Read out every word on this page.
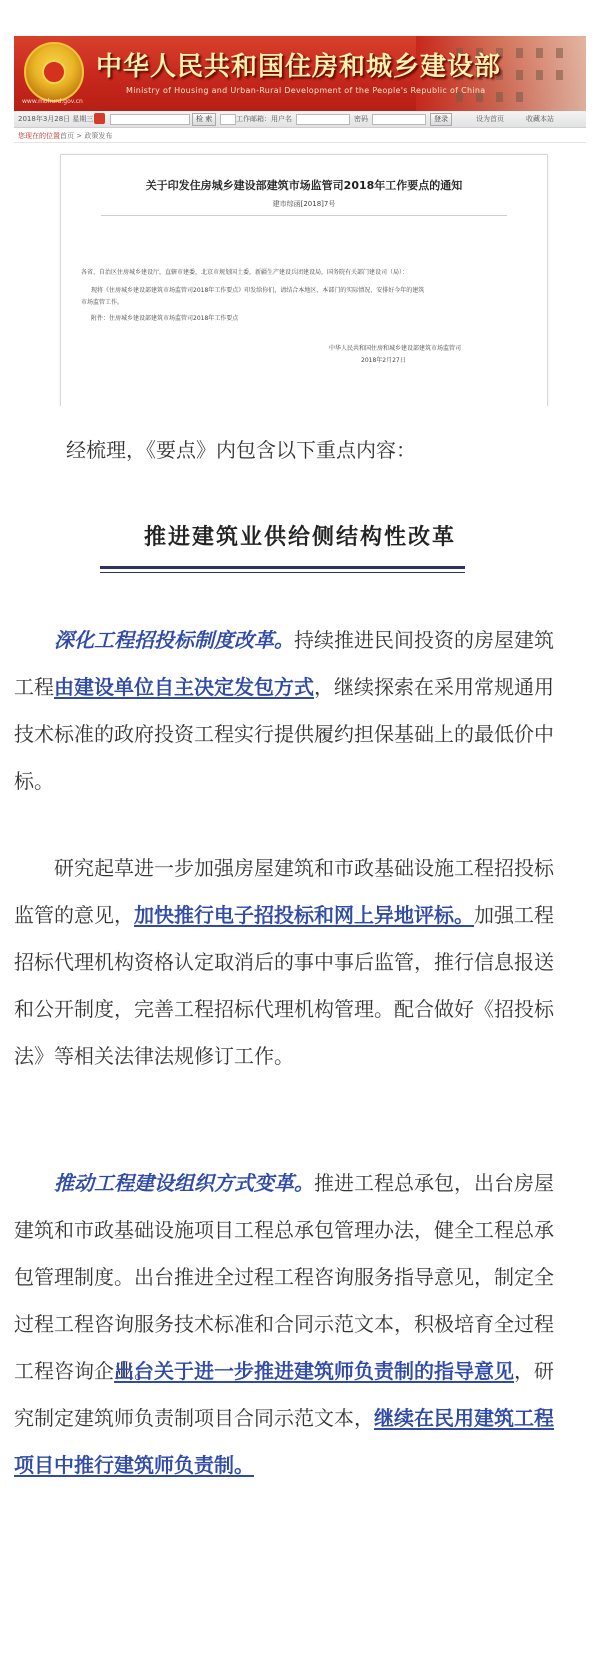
中华人民共和国住房和城乡建设部
Ministry of Housing and Urban-Rural Development of the People's Republic of China
www.mohurd.gov.cn
2018年3月28日 星期三	检 索	工作邮箱：用户名	密码	登录	设为首页	收藏本站
您现在的位置：
首页 > 政策发布
关于印发住房城乡建设部建筑市场监管司2018年工作要点的通知
建市综函[2018]7号
各省、自治区住房城乡建设厅，直辖市建委，北京市规划国土委，新疆生产建设兵团建设局，国务院有关部门建设司（局）：
现将《住房城乡建设部建筑市场监管司2018年工作要点》印发给你们，请结合本地区、本部门的实际情况，安排好今年的建筑
市场监管工作。
附件：住房城乡建设部建筑市场监管司2018年工作要点
中华人民共和国住房和城乡建设部建筑市场监管司
2018年2月27日
经梳理，《要点》内包含以下重点内容：
推进建筑业供给侧结构性改革
深化工程招投标制度改革。持续推进民间投资的房屋建筑工程由建设单位自主决定发包方式，继续探索在采用常规通用技术标准的政府投资工程实行提供履约担保基础上的最低价中标。
研究起草进一步加强房屋建筑和市政基础设施工程招投标监管的意见，加快推行电子招投标和网上异地评标。加强工程招标代理机构资格认定取消后的事中事后监管，推行信息报送和公开制度，完善工程招标代理机构管理。配合做好《招投标法》等相关法律法规修订工作。
推动工程建设组织方式变革。推进工程总承包，出台房屋建筑和市政基础设施项目工程总承包管理办法，健全工程总承包管理制度。出台推进全过程工程咨询服务指导意见，制定全过程工程咨询服务技术标准和合同示范文本，积极培育全过程工程咨询企业。出台关于进一步推进建筑师负责制的指导意见，研究制定建筑师负责制项目合同示范文本，继续在民用建筑工程项目中推行建筑师负责制。
